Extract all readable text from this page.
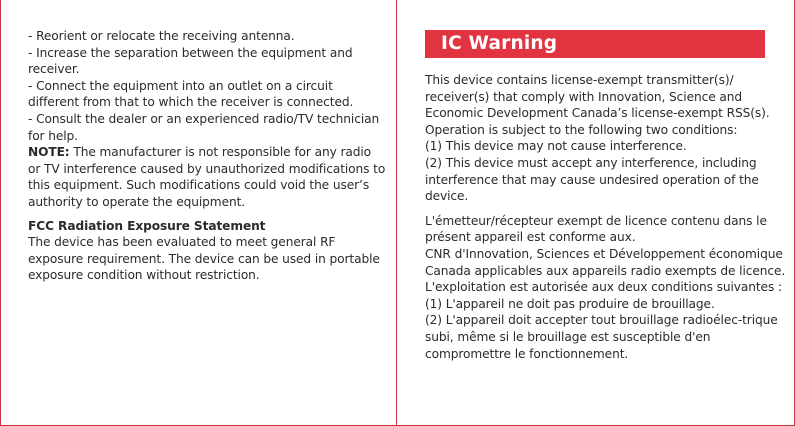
- Reorient or relocate the receiving antenna.

- Increase the separation between the equipment and receiver.

- Connect the equipment into an outlet on a circuit different from that to which the receiver is connected.

- Consult the dealer or an experienced radio/TV technician for help.

NOTE: The manufacturer is not responsible for any radio or TV interference caused by unauthorized modifications to this equipment. Such modifications could void the user’s authority to operate the equipment.

FCC Radiation Exposure Statement

The device has been evaluated to meet general RF exposure requirement. The device can be used in portable exposure condition without restriction.

IC Warning

This device contains license-exempt transmitter(s)/ receiver(s) that comply with Innovation, Science and Economic Development Canada’s license-exempt RSS(s).

Operation is subject to the following two conditions:

(1) This device may not cause interference.

(2) This device must accept any interference, including interference that may cause undesired operation of the device.

L'émetteur/récepteur exempt de licence contenu dans le présent appareil est conforme aux.

CNR d'Innovation, Sciences et Développement économique Canada applicables aux appareils radio exempts de licence. L'exploitation est autorisée aux deux conditions suivantes :

(1) L'appareil ne doit pas produire de brouillage.

(2) L'appareil doit accepter tout brouillage radioélec-trique subi, même si le brouillage est susceptible d'en compromettre le fonctionnement.
